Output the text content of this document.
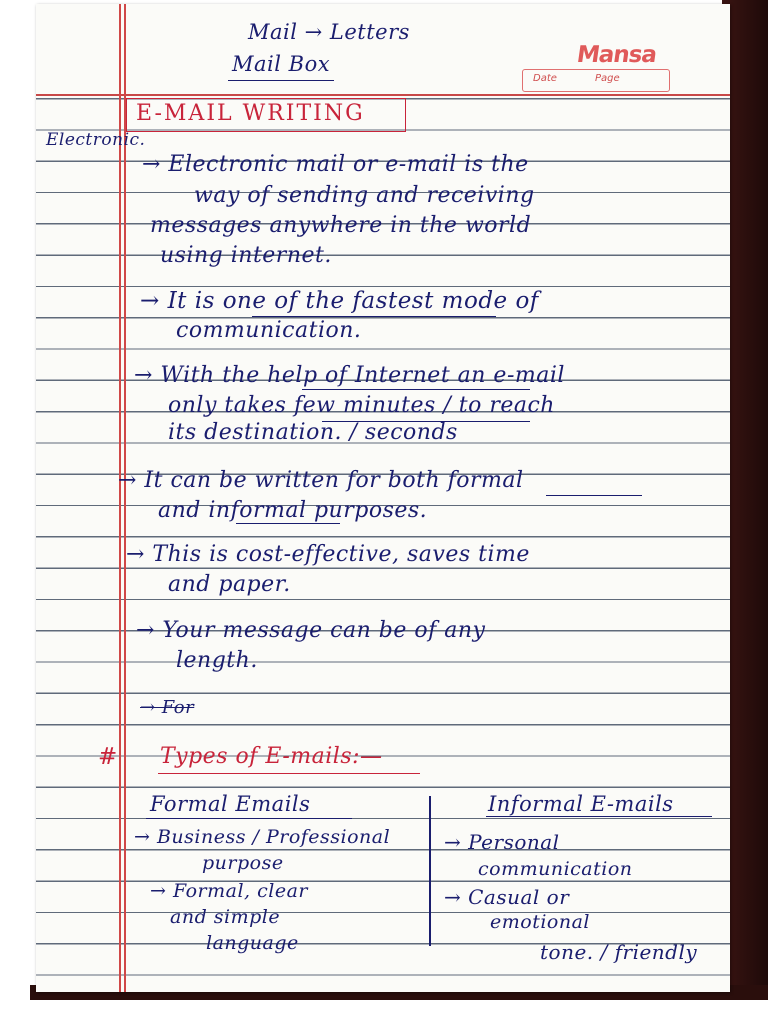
Mansa
Date	Page
Mail → Letters
Mail Box
E-MAIL WRITING
Electronic.
→ Electronic mail or e-mail is the
way of sending and receiving
messages anywhere in the world
using internet.
→ It is one of the fastest mode of
communication.
→ With the help of Internet an e-mail
only takes few minutes / to reach
its destination. / seconds
→ It can be written for both formal
and informal purposes.
→ This is cost-effective, saves time
and paper.
→ Your message can be of any
length.
→ For
# Types of E-mails:—
Formal Emails
→ Business / Professional
purpose
→ Formal, clear
and simple
language
Informal E-mails
→ Personal
communication
→ Casual or
emotional
tone. / friendly
